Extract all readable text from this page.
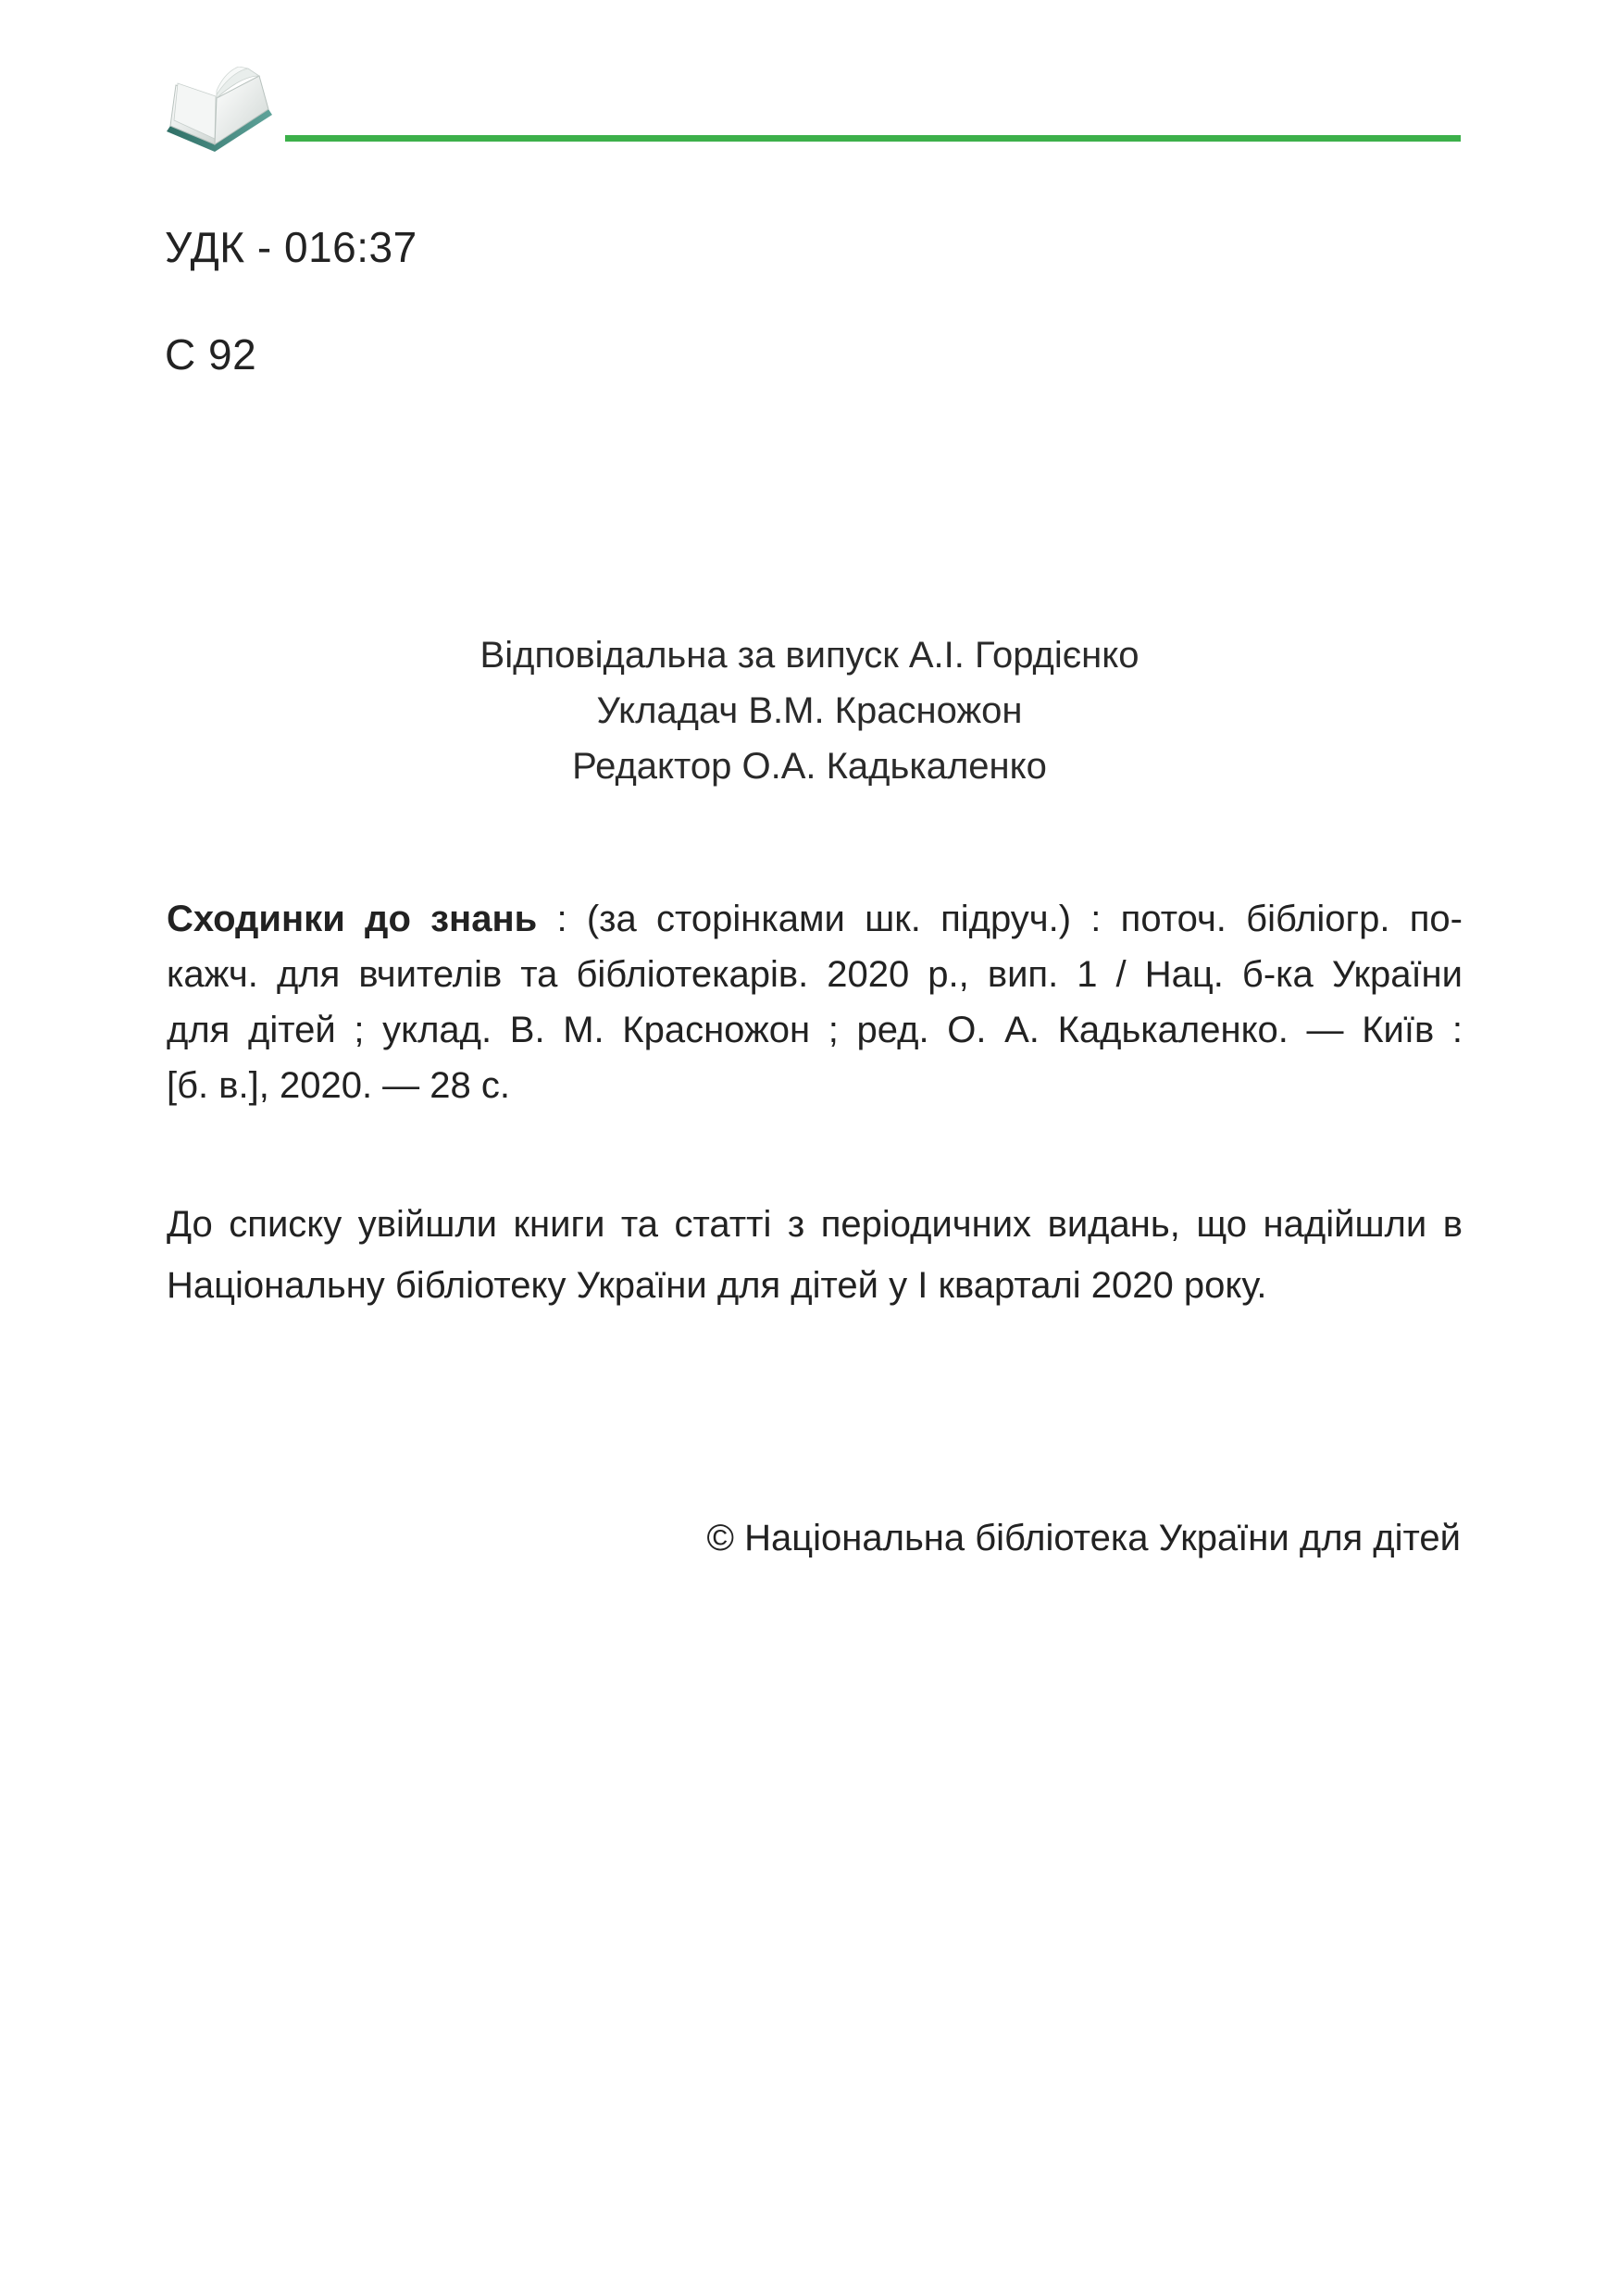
УДК - 016:37
С 92
Відповідальна за випуск А.І. Гордієнко
Укладач В.М. Красножон
Редактор О.А. Кадькаленко
Сходинки до знань : (за сторінками шк. підруч.) : поточ. бібліогр. по-
кажч. для вчителів та бібліотекарів. 2020 р., вип. 1 / Нац. б-ка України
для дітей ; уклад. В. М. Красножон ; ред. О. А. Кадькаленко. — Київ :
[б. в.], 2020. — 28 с.
До списку увійшли книги та статті з періодичних видань, що надійшли в
Національну бібліотеку України для дітей у І кварталі 2020 року.
© Національна бібліотека України для дітей
